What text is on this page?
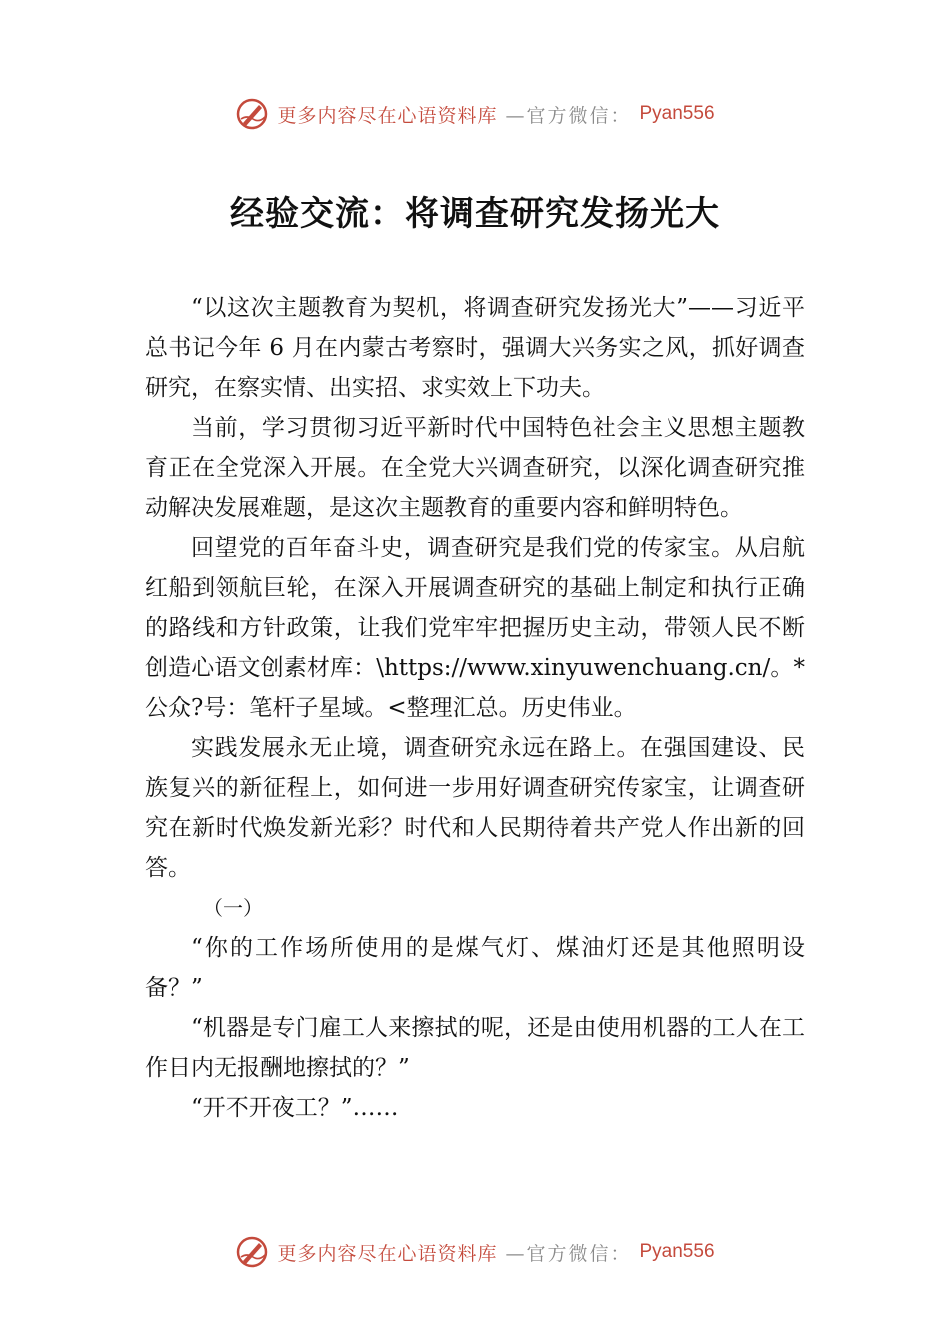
更多内容尽在心语资料库 —官方微信： Pyan556
经验交流：将调查研究发扬光大

“以这次主题教育为契机，将调查研究发扬光大”——习近平总书记今年 6 月在内蒙古考察时，强调大兴务实之风，抓好调查研究，在察实情、出实招、求实效上下功夫。

当前，学习贯彻习近平新时代中国特色社会主义思想主题教育正在全党深入开展。在全党大兴调查研究，以深化调查研究推动解决发展难题，是这次主题教育的重要内容和鲜明特色。

回望党的百年奋斗史，调查研究是我们党的传家宝。从启航红船到领航巨轮，在深入开展调查研究的基础上制定和执行正确的路线和方针政策，让我们党牢牢把握历史主动，带领人民不断创造心语文创素材库：\https://www.xinyuwenchuang.cn/。*公众?号：笔杆子星域。<整理汇总。历史伟业。

实践发展永无止境，调查研究永远在路上。在强国建设、民族复兴的新征程上，如何进一步用好调查研究传家宝，让调查研究在新时代焕发新光彩？时代和人民期待着共产党人作出新的回答。

（一）

“你的工作场所使用的是煤气灯、煤油灯还是其他照明设备？”

“机器是专门雇工人来擦拭的呢，还是由使用机器的工人在工作日内无报酬地擦拭的？”

“开不开夜工？”……

更多内容尽在心语资料库 —官方微信： Pyan556
